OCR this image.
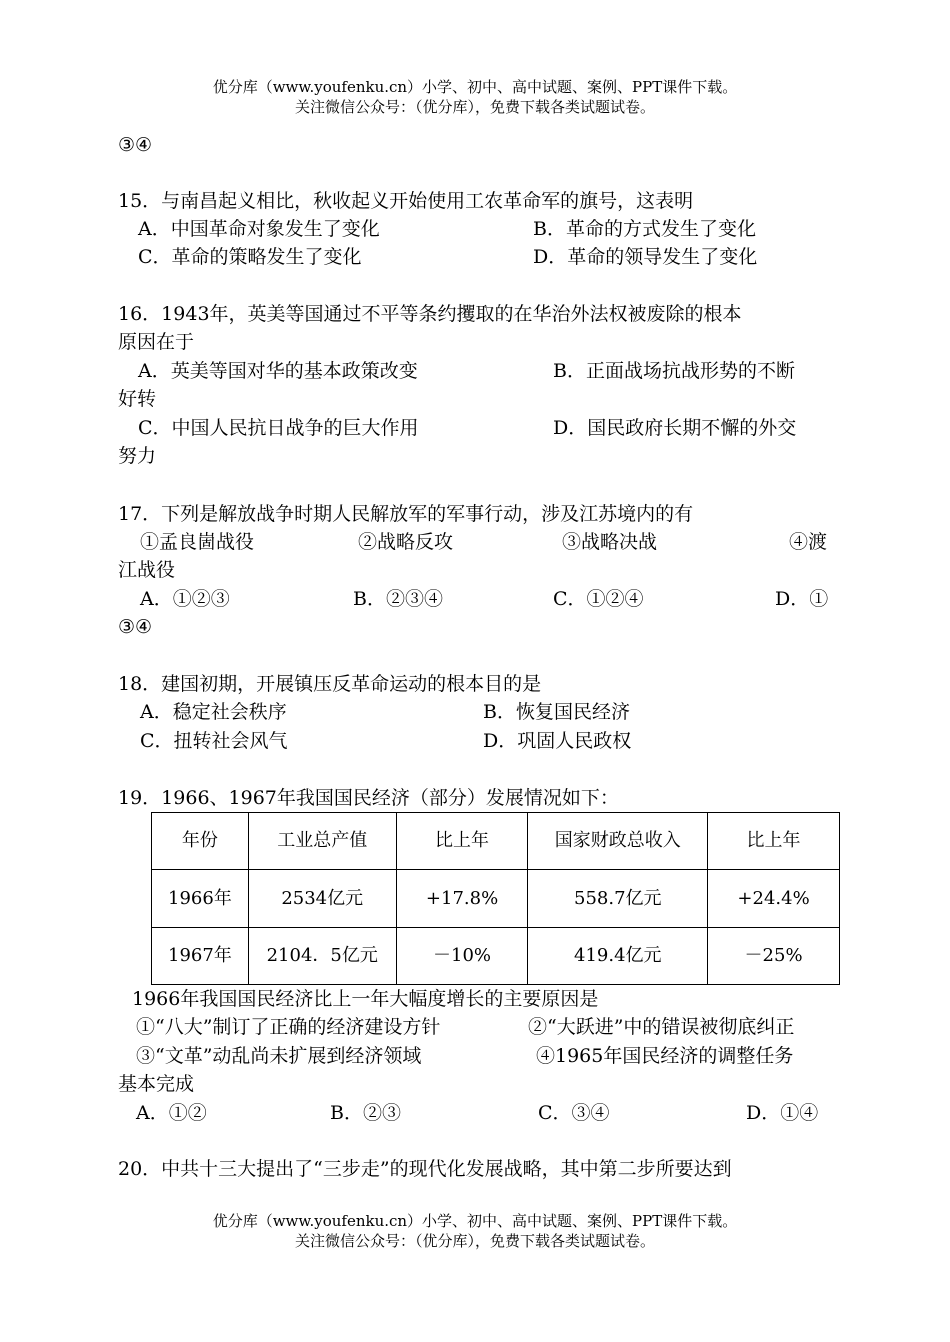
优分库（www.youfenku.cn）小学、初中、高中试题、案例、PPT课件下载。
关注微信公众号：（优分库），免费下载各类试题试卷。
③④
15．与南昌起义相比，秋收起义开始使用工农革命军的旗号，这表明
A．中国革命对象发生了变化	B．革命的方式发生了变化
C．革命的策略发生了变化	D．革命的领导发生了变化
16．1943年，英美等国通过不平等条约攫取的在华治外法权被废除的根本
原因在于
A．英美等国对华的基本政策改变	B．正面战场抗战形势的不断
好转
C．中国人民抗日战争的巨大作用	D．国民政府长期不懈的外交
努力
17．下列是解放战争时期人民解放军的军事行动，涉及江苏境内的有
①孟良崮战役	②战略反攻	③战略决战	④渡
江战役
A．①②③	B．②③④	C．①②④	D．①
③④
18．建国初期，开展镇压反革命运动的根本目的是
A．稳定社会秩序	B．恢复国民经济
C．扭转社会风气	D．巩固人民政权
19．1966、1967年我国国民经济（部分）发展情况如下：
年份	工业总产值	比上年	国家财政总收入	比上年
1966年	2534亿元	+17.8%	558.7亿元	+24.4%
1967年	2104．5亿元	－10%	419.4亿元	－25%
1966年我国国民经济比上一年大幅度增长的主要原因是
①“八大”制订了正确的经济建设方针	②“大跃进”中的错误被彻底纠正
③“文革”动乱尚未扩展到经济领域	④1965年国民经济的调整任务
基本完成
A．①②	B．②③	C．③④	D．①④
20．中共十三大提出了“三步走”的现代化发展战略，其中第二步所要达到
优分库（www.youfenku.cn）小学、初中、高中试题、案例、PPT课件下载。
关注微信公众号：（优分库），免费下载各类试题试卷。
